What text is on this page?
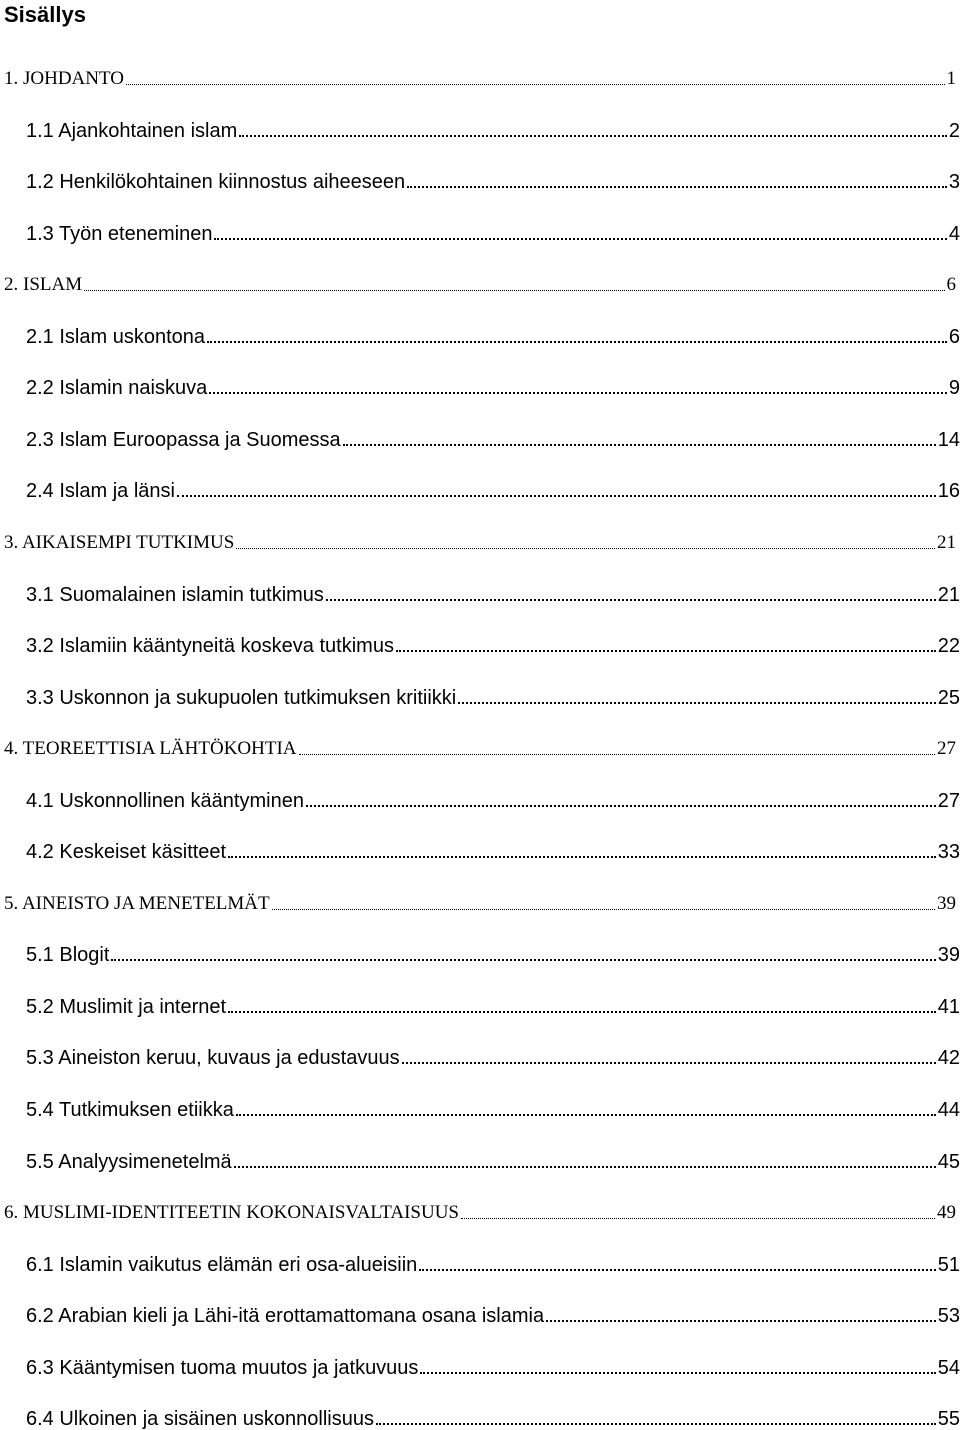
Sisällys
1. JOHDANTO	1
1.1 Ajankohtainen islam	2
1.2 Henkilökohtainen kiinnostus aiheeseen	3
1.3 Työn eteneminen	4
2. ISLAM	6
2.1 Islam uskontona	6
2.2 Islamin naiskuva	9
2.3 Islam Euroopassa ja Suomessa	14
2.4 Islam ja länsi	16
3. AIKAISEMPI TUTKIMUS	21
3.1 Suomalainen islamin tutkimus	21
3.2 Islamiin kääntyneitä koskeva tutkimus	22
3.3 Uskonnon ja sukupuolen tutkimuksen kritiikki	25
4. TEOREETTISIA LÄHTÖKOHTIA	27
4.1 Uskonnollinen kääntyminen	27
4.2 Keskeiset käsitteet	33
5. AINEISTO JA MENETELMÄT	39
5.1 Blogit	39
5.2 Muslimit ja internet	41
5.3 Aineiston keruu, kuvaus ja edustavuus	42
5.4 Tutkimuksen etiikka	44
5.5 Analyysimenetelmä	45
6. MUSLIMI-IDENTITEETIN KOKONAISVALTAISUUS	49
6.1 Islamin vaikutus elämän eri osa-alueisiin	51
6.2 Arabian kieli ja Lähi-itä erottamattomana osana islamia	53
6.3 Kääntymisen tuoma muutos ja jatkuvuus	54
6.4 Ulkoinen ja sisäinen uskonnollisuus	55
